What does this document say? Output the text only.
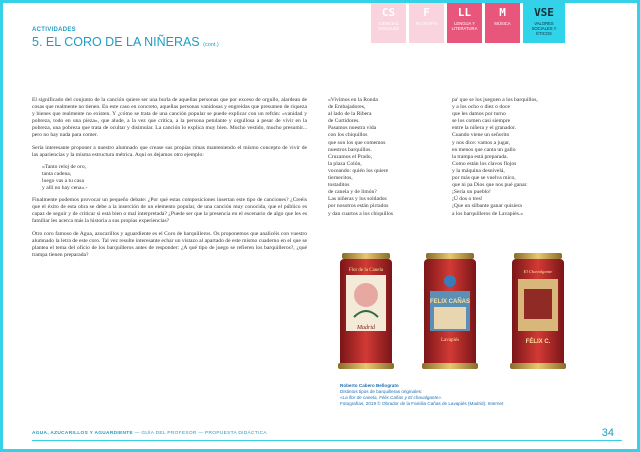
CS
CIENCIAS SOCIALES
F
FILOSOFÍA
LL
LENGUA Y LITERATURA
M
MÚSICA
VSE
VALORES SOCIALES Y ÉTICOS
ACTIVIDADES
5. EL CORO DE LA NIÑERAS (cont.)

El significado del conjunto de la canción quiere ser una burla de aquellas personas que por exceso de orgullo, alardean de cosas que realmente no tienen. En este caso en concreto, aquellas personas vanidosas y engreídas que presumen de riqueza y bienes que realmente no existen. Y ¿cómo se trata de una canción popular se puede explicar con un refrán: «vanidad y pobreza, todo en una pieza», que alude, a la vez que critica, a la persona petulante y orgullosa a pesar de vivir en la pobreza, una pobreza que trata de ocultar y disimular. La canción lo explica muy bien. Mucho vestido, mucho presumir... pero no hay nada para comer.

Sería interesante proponer a nuestro alumnado que crease sus propias rimas manteniendo el mismo concepto de vivir de las apariencias y la misma estructura métrica. Aquí os dejamos otro ejemplo:

«Tanto reloj de oro,
tanta cadena,
luego vas a tu casa
y allí no hay cena».-

Finalmente podemos provocar un pequeño debate: ¿Por qué estas composiciones insertan este tipo de canciones? ¿Creéis que el éxito de esta obra se debe a la inserción de un elemento popular, de una canción muy conocida, que el público es capaz de seguir y de criticar si está bien o mal interpretada? ¿Puede ser que la presencia en el escenario de algo que les es familiar les acerca más la historia a sus propias experiencias?

Otro coro famoso de Agua, azucarillos y aguardiente es el Coro de barquilleros. Os proponemos que analicéis con vuestro alumnado la letra de este coro. Tal vez resulte interesante echar un vistazo al apartado de este mismo cuaderno en el que se plantea el tema del oficio de los barquilleros antes de responder: ¿A qué tipo de juego se refieren los barquilleros?, ¿qué trampa tienen preparada?

«Vivimos en la Ronda
de Embajadores,
al lado de la Ribera
de Curtidores.
Pasamos nuestra vida
con los chiquillos
que son los que comemos
nuestros barquillos.
Cruzamos el Prado,
la plaza Colón,
voceando: quién los quiere
tiernecitos,
tostaditos
de canela y de limón?
Las niñeras y los soldados
por nosotros están pirrados
y dan cuartos a los chiquillos
pa' que se los jueguen a los barquillos,
y a los ocho o diez o doce
que les damos por turno
se los comen casi siempre
entre la niñera y el granador.
Cuando viene un señorito
y nos dice: vamos a jugar,
en menos que canta un gallo
la trampa está preparada.
Como están los clavos flojos
y la máquina desnivelá,
por más que se vuelva mico,
que ni pa Dios que nos pué ganar.
¡Sería un pueblo!
¡Ú dos o tres!
¡Que un silbante ganar quisiera
a los barquilleros de Lavapiés.»
Flor de la Canela
Madrid
FELIX CAÑAS
Lavapiés
El Chavalgante
FÉLIX C.
Roberto Cabero Bellograto
Distintos tipos de barquilleras originales:
«La flor de canela, Félix Cañas y El chavalgante».
Fotografías, 2019 © Obrador de la Familia Cañas de Lavapiés (Madrid). Internet
AGUA, AZUCARILLOS Y AGUARDIENTE — GUÍA DEL PROFESOR — PROPUESTA DIDÁCTICA	34
